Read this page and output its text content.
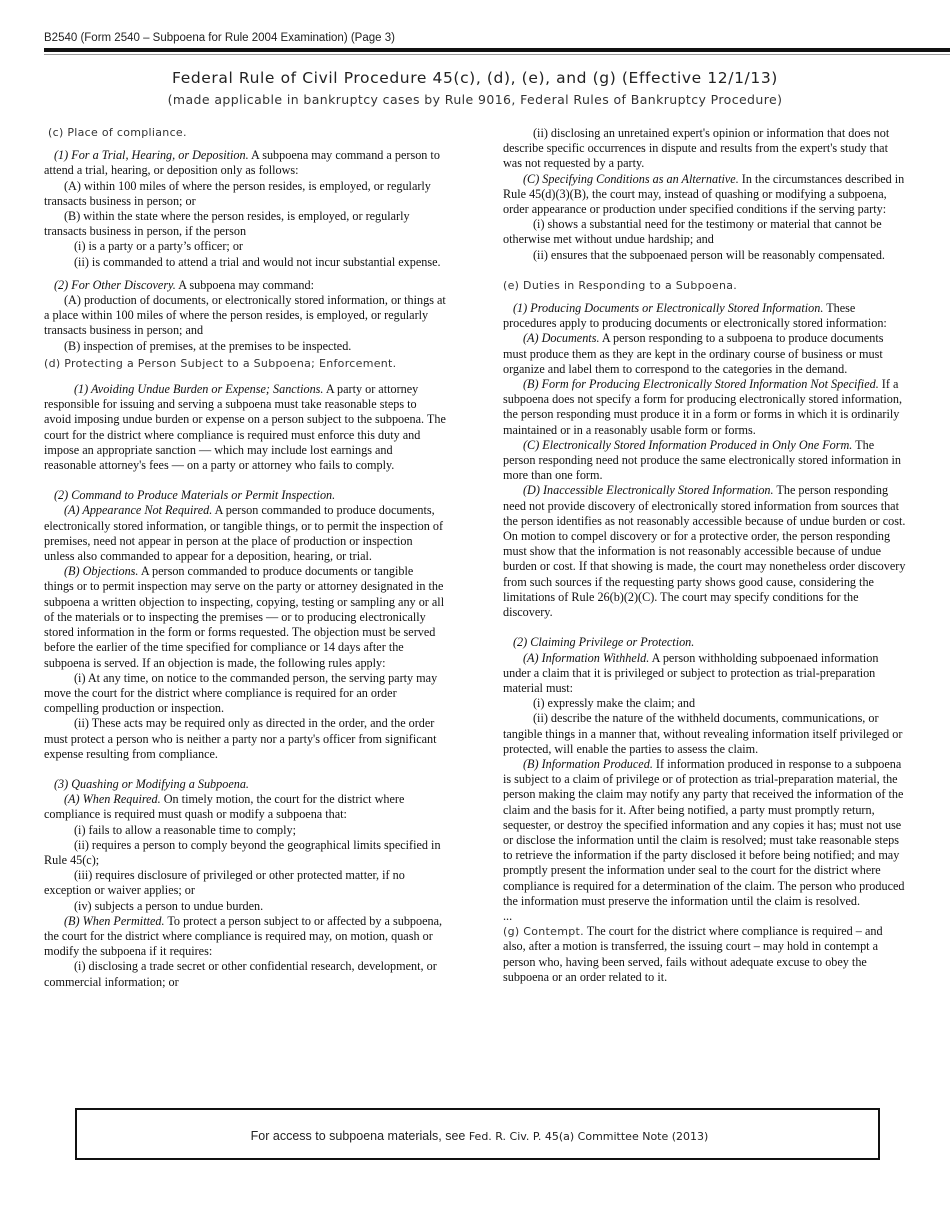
B2540 (Form 2540 – Subpoena for Rule 2004 Examination) (Page 3)
Federal Rule of Civil Procedure 45(c), (d), (e), and (g) (Effective 12/1/13)
(made applicable in bankruptcy cases by Rule 9016, Federal Rules of Bankruptcy Procedure)

(c) Place of compliance.

(1) For a Trial, Hearing, or Deposition. A subpoena may command a person to attend a trial, hearing, or deposition only as follows:

(A) within 100 miles of where the person resides, is employed, or regularly transacts business in person; or

(B) within the state where the person resides, is employed, or regularly transacts business in person, if the person

(i) is a party or a party’s officer; or

(ii) is commanded to attend a trial and would not incur substantial expense.

(2) For Other Discovery. A subpoena may command:

(A) production of documents, or electronically stored information, or things at a place within 100 miles of where the person resides, is employed, or regularly transacts business in person; and

(B) inspection of premises, at the premises to be inspected.

(d) Protecting a Person Subject to a Subpoena; Enforcement.

(1) Avoiding Undue Burden or Expense; Sanctions. A party or attorney responsible for issuing and serving a subpoena must take reasonable steps to avoid imposing undue burden or expense on a person subject to the subpoena. The court for the district where compliance is required must enforce this duty and impose an appropriate sanction — which may include lost earnings and reasonable attorney's fees — on a party or attorney who fails to comply.

(2) Command to Produce Materials or Permit Inspection.

(A) Appearance Not Required. A person commanded to produce documents, electronically stored information, or tangible things, or to permit the inspection of premises, need not appear in person at the place of production or inspection unless also commanded to appear for a deposition, hearing, or trial.

(B) Objections. A person commanded to produce documents or tangible things or to permit inspection may serve on the party or attorney designated in the subpoena a written objection to inspecting, copying, testing or sampling any or all of the materials or to inspecting the premises — or to producing electronically stored information in the form or forms requested. The objection must be served before the earlier of the time specified for compliance or 14 days after the subpoena is served. If an objection is made, the following rules apply:

(i) At any time, on notice to the commanded person, the serving party may move the court for the district where compliance is required for an order compelling production or inspection.

(ii) These acts may be required only as directed in the order, and the order must protect a person who is neither a party nor a party's officer from significant expense resulting from compliance.

(3) Quashing or Modifying a Subpoena.

(A) When Required. On timely motion, the court for the district where compliance is required must quash or modify a subpoena that:

(i) fails to allow a reasonable time to comply;

(ii) requires a person to comply beyond the geographical limits specified in Rule 45(c);

(iii) requires disclosure of privileged or other protected matter, if no exception or waiver applies; or

(iv) subjects a person to undue burden.

(B) When Permitted. To protect a person subject to or affected by a subpoena, the court for the district where compliance is required may, on motion, quash or modify the subpoena if it requires:

(i) disclosing a trade secret or other confidential research, development, or commercial information; or

(ii) disclosing an unretained expert's opinion or information that does not describe specific occurrences in dispute and results from the expert's study that was not requested by a party.

(C) Specifying Conditions as an Alternative. In the circumstances described in Rule 45(d)(3)(B), the court may, instead of quashing or modifying a subpoena, order appearance or production under specified conditions if the serving party:

(i) shows a substantial need for the testimony or material that cannot be otherwise met without undue hardship; and

(ii) ensures that the subpoenaed person will be reasonably compensated.

(e) Duties in Responding to a Subpoena.

(1) Producing Documents or Electronically Stored Information. These procedures apply to producing documents or electronically stored information:

(A) Documents. A person responding to a subpoena to produce documents must produce them as they are kept in the ordinary course of business or must organize and label them to correspond to the categories in the demand.

(B) Form for Producing Electronically Stored Information Not Specified. If a subpoena does not specify a form for producing electronically stored information, the person responding must produce it in a form or forms in which it is ordinarily maintained or in a reasonably usable form or forms.

(C) Electronically Stored Information Produced in Only One Form. The person responding need not produce the same electronically stored information in more than one form.

(D) Inaccessible Electronically Stored Information. The person responding need not provide discovery of electronically stored information from sources that the person identifies as not reasonably accessible because of undue burden or cost. On motion to compel discovery or for a protective order, the person responding must show that the information is not reasonably accessible because of undue burden or cost. If that showing is made, the court may nonetheless order discovery from such sources if the requesting party shows good cause, considering the limitations of Rule 26(b)(2)(C). The court may specify conditions for the discovery.

(2) Claiming Privilege or Protection.

(A) Information Withheld. A person withholding subpoenaed information under a claim that it is privileged or subject to protection as trial-preparation material must:

(i) expressly make the claim; and

(ii) describe the nature of the withheld documents, communications, or tangible things in a manner that, without revealing information itself privileged or protected, will enable the parties to assess the claim.

(B) Information Produced. If information produced in response to a subpoena is subject to a claim of privilege or of protection as trial-preparation material, the person making the claim may notify any party that received the information of the claim and the basis for it. After being notified, a party must promptly return, sequester, or destroy the specified information and any copies it has; must not use or disclose the information until the claim is resolved; must take reasonable steps to retrieve the information if the party disclosed it before being notified; and may promptly present the information under seal to the court for the district where compliance is required for a determination of the claim. The person who produced the information must preserve the information until the claim is resolved.

...

(g) Contempt. The court for the district where compliance is required – and also, after a motion is transferred, the issuing court – may hold in contempt a person who, having been served, fails without adequate excuse to obey the subpoena or an order related to it.

For access to subpoena materials, see Fed. R. Civ. P. 45(a) Committee Note (2013)
